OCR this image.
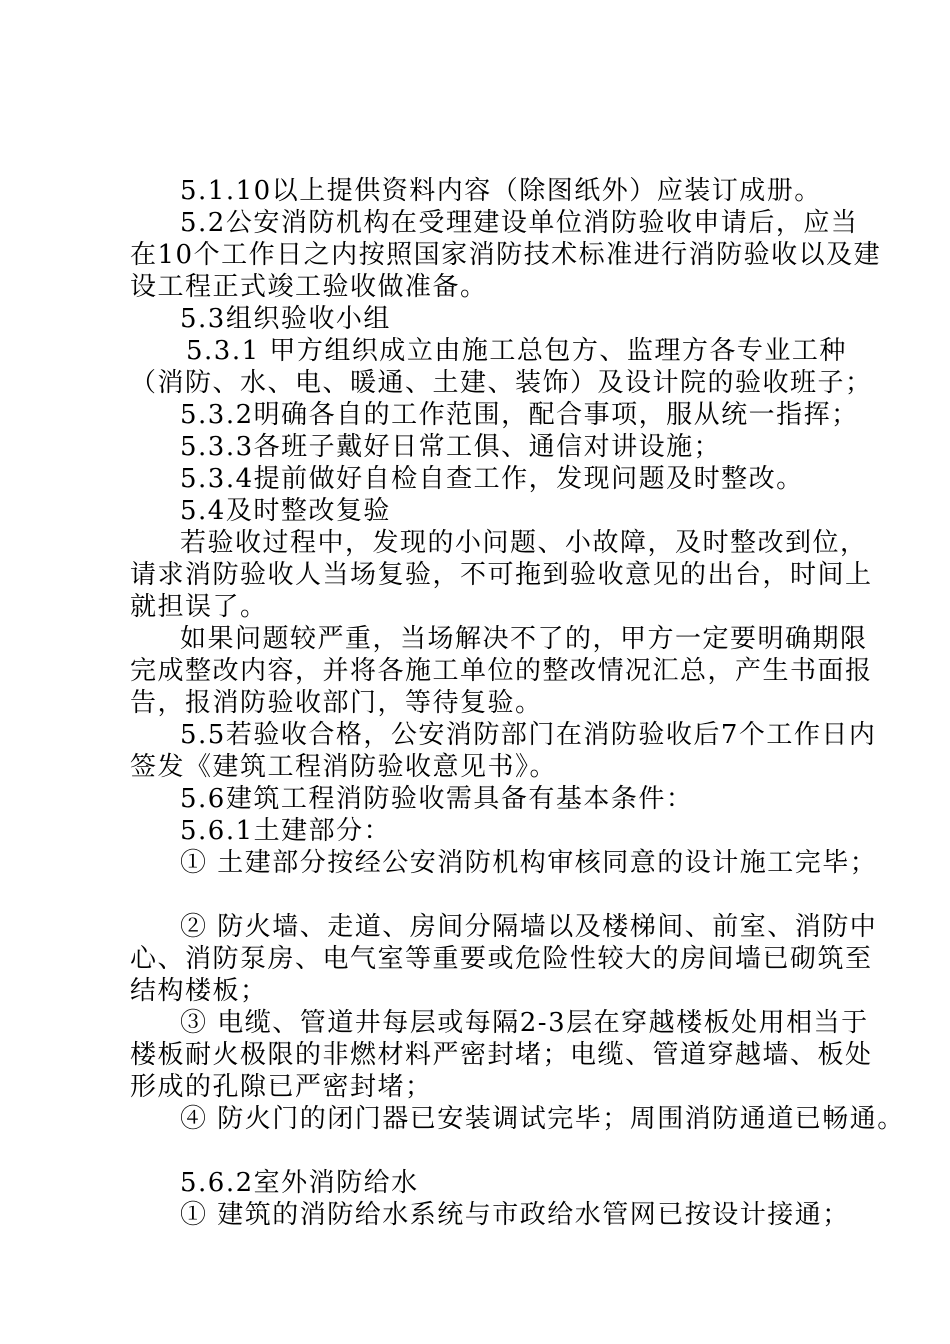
5.1.10以上提供资料内容（除图纸外）应装订成册。
5.2公安消防机构在受理建设单位消防验收申请后，应当
在10个工作日之内按照国家消防技术标准进行消防验收以及建
设工程正式竣工验收做准备。
5.3组织验收小组
5.3.1 甲方组织成立由施工总包方、监理方各专业工种
（消防、水、电、暖通、土建、装饰）及设计院的验收班子；
5.3.2明确各自的工作范围，配合事项，服从统一指挥；
5.3.3各班子戴好日常工俱、通信对讲设施；
5.3.4提前做好自检自查工作，发现问题及时整改。
5.4及时整改复验
若验收过程中，发现的小问题、小故障，及时整改到位，
请求消防验收人当场复验，不可拖到验收意见的出台，时间上
就担误了。
如果问题较严重，当场解决不了的，甲方一定要明确期限
完成整改内容，并将各施工单位的整改情况汇总，产生书面报
告，报消防验收部门，等待复验。
5.5若验收合格，公安消防部门在消防验收后7个工作日内
签发《建筑工程消防验收意见书》。
5.6建筑工程消防验收需具备有基本条件：
5.6.1土建部分：
① 土建部分按经公安消防机构审核同意的设计施工完毕；
② 防火墙、走道、房间分隔墙以及楼梯间、前室、消防中
心、消防泵房、电气室等重要或危险性较大的房间墙已砌筑至
结构楼板；
③ 电缆、管道井每层或每隔2-3层在穿越楼板处用相当于
楼板耐火极限的非燃材料严密封堵；电缆、管道穿越墙、板处
形成的孔隙已严密封堵；
④ 防火门的闭门器已安装调试完毕；周围消防通道已畅通。
5.6.2室外消防给水
① 建筑的消防给水系统与市政给水管网已按设计接通；
